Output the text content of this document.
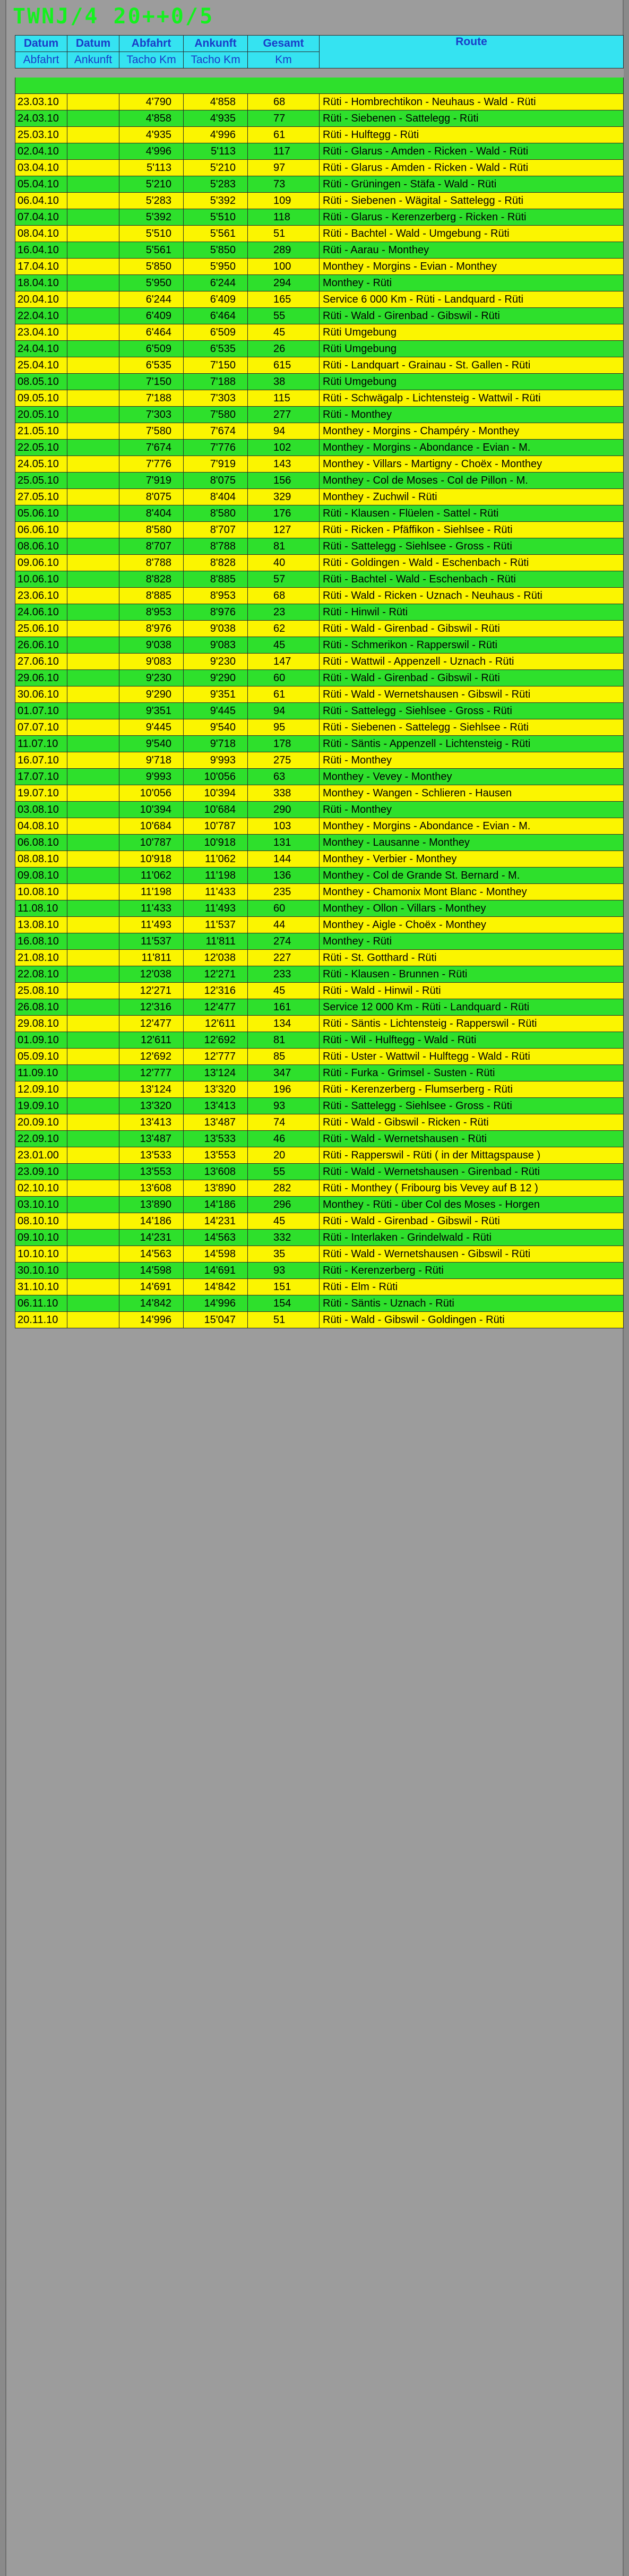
TWNJ/4 20++0/5
Datum	Datum	Abfahrt	Ankunft	Gesamt	Route
Abfahrt	Ankunft	Tacho Km	Tacho Km	Km	

23.03.10		4'790	4'858	68	Rüti - Hombrechtikon - Neuhaus - Wald - Rüti
24.03.10		4'858	4'935	77	Rüti - Siebenen - Sattelegg - Rüti
25.03.10		4'935	4'996	61	Rüti - Hulftegg - Rüti
02.04.10		4'996	5'113	117	Rüti - Glarus - Amden - Ricken - Wald - Rüti
03.04.10		5'113	5'210	97	Rüti - Glarus - Amden - Ricken - Wald - Rüti
05.04.10		5'210	5'283	73	Rüti - Grüningen - Stäfa - Wald - Rüti
06.04.10		5'283	5'392	109	Rüti - Siebenen - Wägital - Sattelegg - Rüti
07.04.10		5'392	5'510	118	Rüti - Glarus - Kerenzerberg - Ricken - Rüti
08.04.10		5'510	5'561	51	Rüti - Bachtel - Wald - Umgebung - Rüti
16.04.10		5'561	5'850	289	Rüti - Aarau - Monthey
17.04.10		5'850	5'950	100	Monthey - Morgins - Evian - Monthey
18.04.10		5'950	6'244	294	Monthey - Rüti
20.04.10		6'244	6'409	165	Service 6 000 Km - Rüti - Landquard - Rüti
22.04.10		6'409	6'464	55	Rüti - Wald - Girenbad - Gibswil - Rüti
23.04.10		6'464	6'509	45	Rüti Umgebung
24.04.10		6'509	6'535	26	Rüti Umgebung
25.04.10		6'535	7'150	615	Rüti - Landquart - Grainau - St. Gallen - Rüti
08.05.10		7'150	7'188	38	Rüti Umgebung
09.05.10		7'188	7'303	115	Rüti - Schwägalp - Lichtensteig - Wattwil - Rüti
20.05.10		7'303	7'580	277	Rüti - Monthey
21.05.10		7'580	7'674	94	Monthey - Morgins - Champéry - Monthey
22.05.10		7'674	7'776	102	Monthey - Morgins - Abondance - Evian - M.
24.05.10		7'776	7'919	143	Monthey - Villars - Martigny - Choëx - Monthey
25.05.10		7'919	8'075	156	Monthey - Col de Moses - Col de Pillon - M.
27.05.10		8'075	8'404	329	Monthey - Zuchwil - Rüti
05.06.10		8'404	8'580	176	Rüti - Klausen - Flüelen - Sattel - Rüti
06.06.10		8'580	8'707	127	Rüti - Ricken - Pfäffikon - Siehlsee - Rüti
08.06.10		8'707	8'788	81	Rüti - Sattelegg - Siehlsee - Gross - Rüti
09.06.10		8'788	8'828	40	Rüti - Goldingen - Wald - Eschenbach - Rüti
10.06.10		8'828	8'885	57	Rüti - Bachtel - Wald - Eschenbach - Rüti
23.06.10		8'885	8'953	68	Rüti - Wald - Ricken - Uznach - Neuhaus - Rüti
24.06.10		8'953	8'976	23	Rüti - Hinwil - Rüti
25.06.10		8'976	9'038	62	Rüti - Wald - Girenbad - Gibswil - Rüti
26.06.10		9'038	9'083	45	Rüti - Schmerikon - Rapperswil - Rüti
27.06.10		9'083	9'230	147	Rüti - Wattwil - Appenzell - Uznach - Rüti
29.06.10		9'230	9'290	60	Rüti - Wald - Girenbad - Gibswil - Rüti
30.06.10		9'290	9'351	61	Rüti - Wald - Wernetshausen - Gibswil - Rüti
01.07.10		9'351	9'445	94	Rüti - Sattelegg - Siehlsee - Gross - Rüti
07.07.10		9'445	9'540	95	Rüti - Siebenen - Sattelegg - Siehlsee - Rüti
11.07.10		9'540	9'718	178	Rüti - Säntis - Appenzell - Lichtensteig - Rüti
16.07.10		9'718	9'993	275	Rüti - Monthey
17.07.10		9'993	10'056	63	Monthey - Vevey - Monthey
19.07.10		10'056	10'394	338	Monthey - Wangen - Schlieren - Hausen
03.08.10		10'394	10'684	290	Rüti - Monthey
04.08.10		10'684	10'787	103	Monthey - Morgins - Abondance - Evian - M.
06.08.10		10'787	10'918	131	Monthey - Lausanne - Monthey
08.08.10		10'918	11'062	144	Monthey - Verbier - Monthey
09.08.10		11'062	11'198	136	Monthey - Col de Grande St. Bernard - M.
10.08.10		11'198	11'433	235	Monthey - Chamonix Mont Blanc - Monthey
11.08.10		11'433	11'493	60	Monthey - Ollon - Villars - Monthey
13.08.10		11'493	11'537	44	Monthey - Aigle - Choëx - Monthey
16.08.10		11'537	11'811	274	Monthey - Rüti
21.08.10		11'811	12'038	227	Rüti - St. Gotthard - Rüti
22.08.10		12'038	12'271	233	Rüti - Klausen - Brunnen - Rüti
25.08.10		12'271	12'316	45	Rüti - Wald - Hinwil - Rüti
26.08.10		12'316	12'477	161	Service 12 000 Km - Rüti - Landquard - Rüti
29.08.10		12'477	12'611	134	Rüti - Säntis - Lichtensteig - Rapperswil - Rüti
01.09.10		12'611	12'692	81	Rüti - Wil - Hulftegg - Wald - Rüti
05.09.10		12'692	12'777	85	Rüti - Uster - Wattwil - Hulftegg - Wald - Rüti
11.09.10		12'777	13'124	347	Rüti - Furka - Grimsel - Susten - Rüti
12.09.10		13'124	13'320	196	Rüti - Kerenzerberg - Flumserberg - Rüti
19.09.10		13'320	13'413	93	Rüti - Sattelegg - Siehlsee - Gross - Rüti
20.09.10		13'413	13'487	74	Rüti - Wald - Gibswil - Ricken - Rüti
22.09.10		13'487	13'533	46	Rüti - Wald - Wernetshausen - Rüti
23.01.00		13'533	13'553	20	Rüti - Rapperswil - Rüti ( in der Mittagspause )
23.09.10		13'553	13'608	55	Rüti - Wald - Wernetshausen - Girenbad - Rüti
02.10.10		13'608	13'890	282	Rüti - Monthey ( Fribourg bis Vevey auf B 12 )
03.10.10		13'890	14'186	296	Monthey - Rüti - über Col des Moses - Horgen
08.10.10		14'186	14'231	45	Rüti - Wald - Girenbad - Gibswil - Rüti
09.10.10		14'231	14'563	332	Rüti - Interlaken - Grindelwald - Rüti
10.10.10		14'563	14'598	35	Rüti - Wald - Wernetshausen - Gibswil - Rüti
30.10.10		14'598	14'691	93	Rüti - Kerenzerberg - Rüti
31.10.10		14'691	14'842	151	Rüti - Elm - Rüti
06.11.10		14'842	14'996	154	Rüti - Säntis - Uznach - Rüti
20.11.10		14'996	15'047	51	Rüti - Wald - Gibswil - Goldingen - Rüti
